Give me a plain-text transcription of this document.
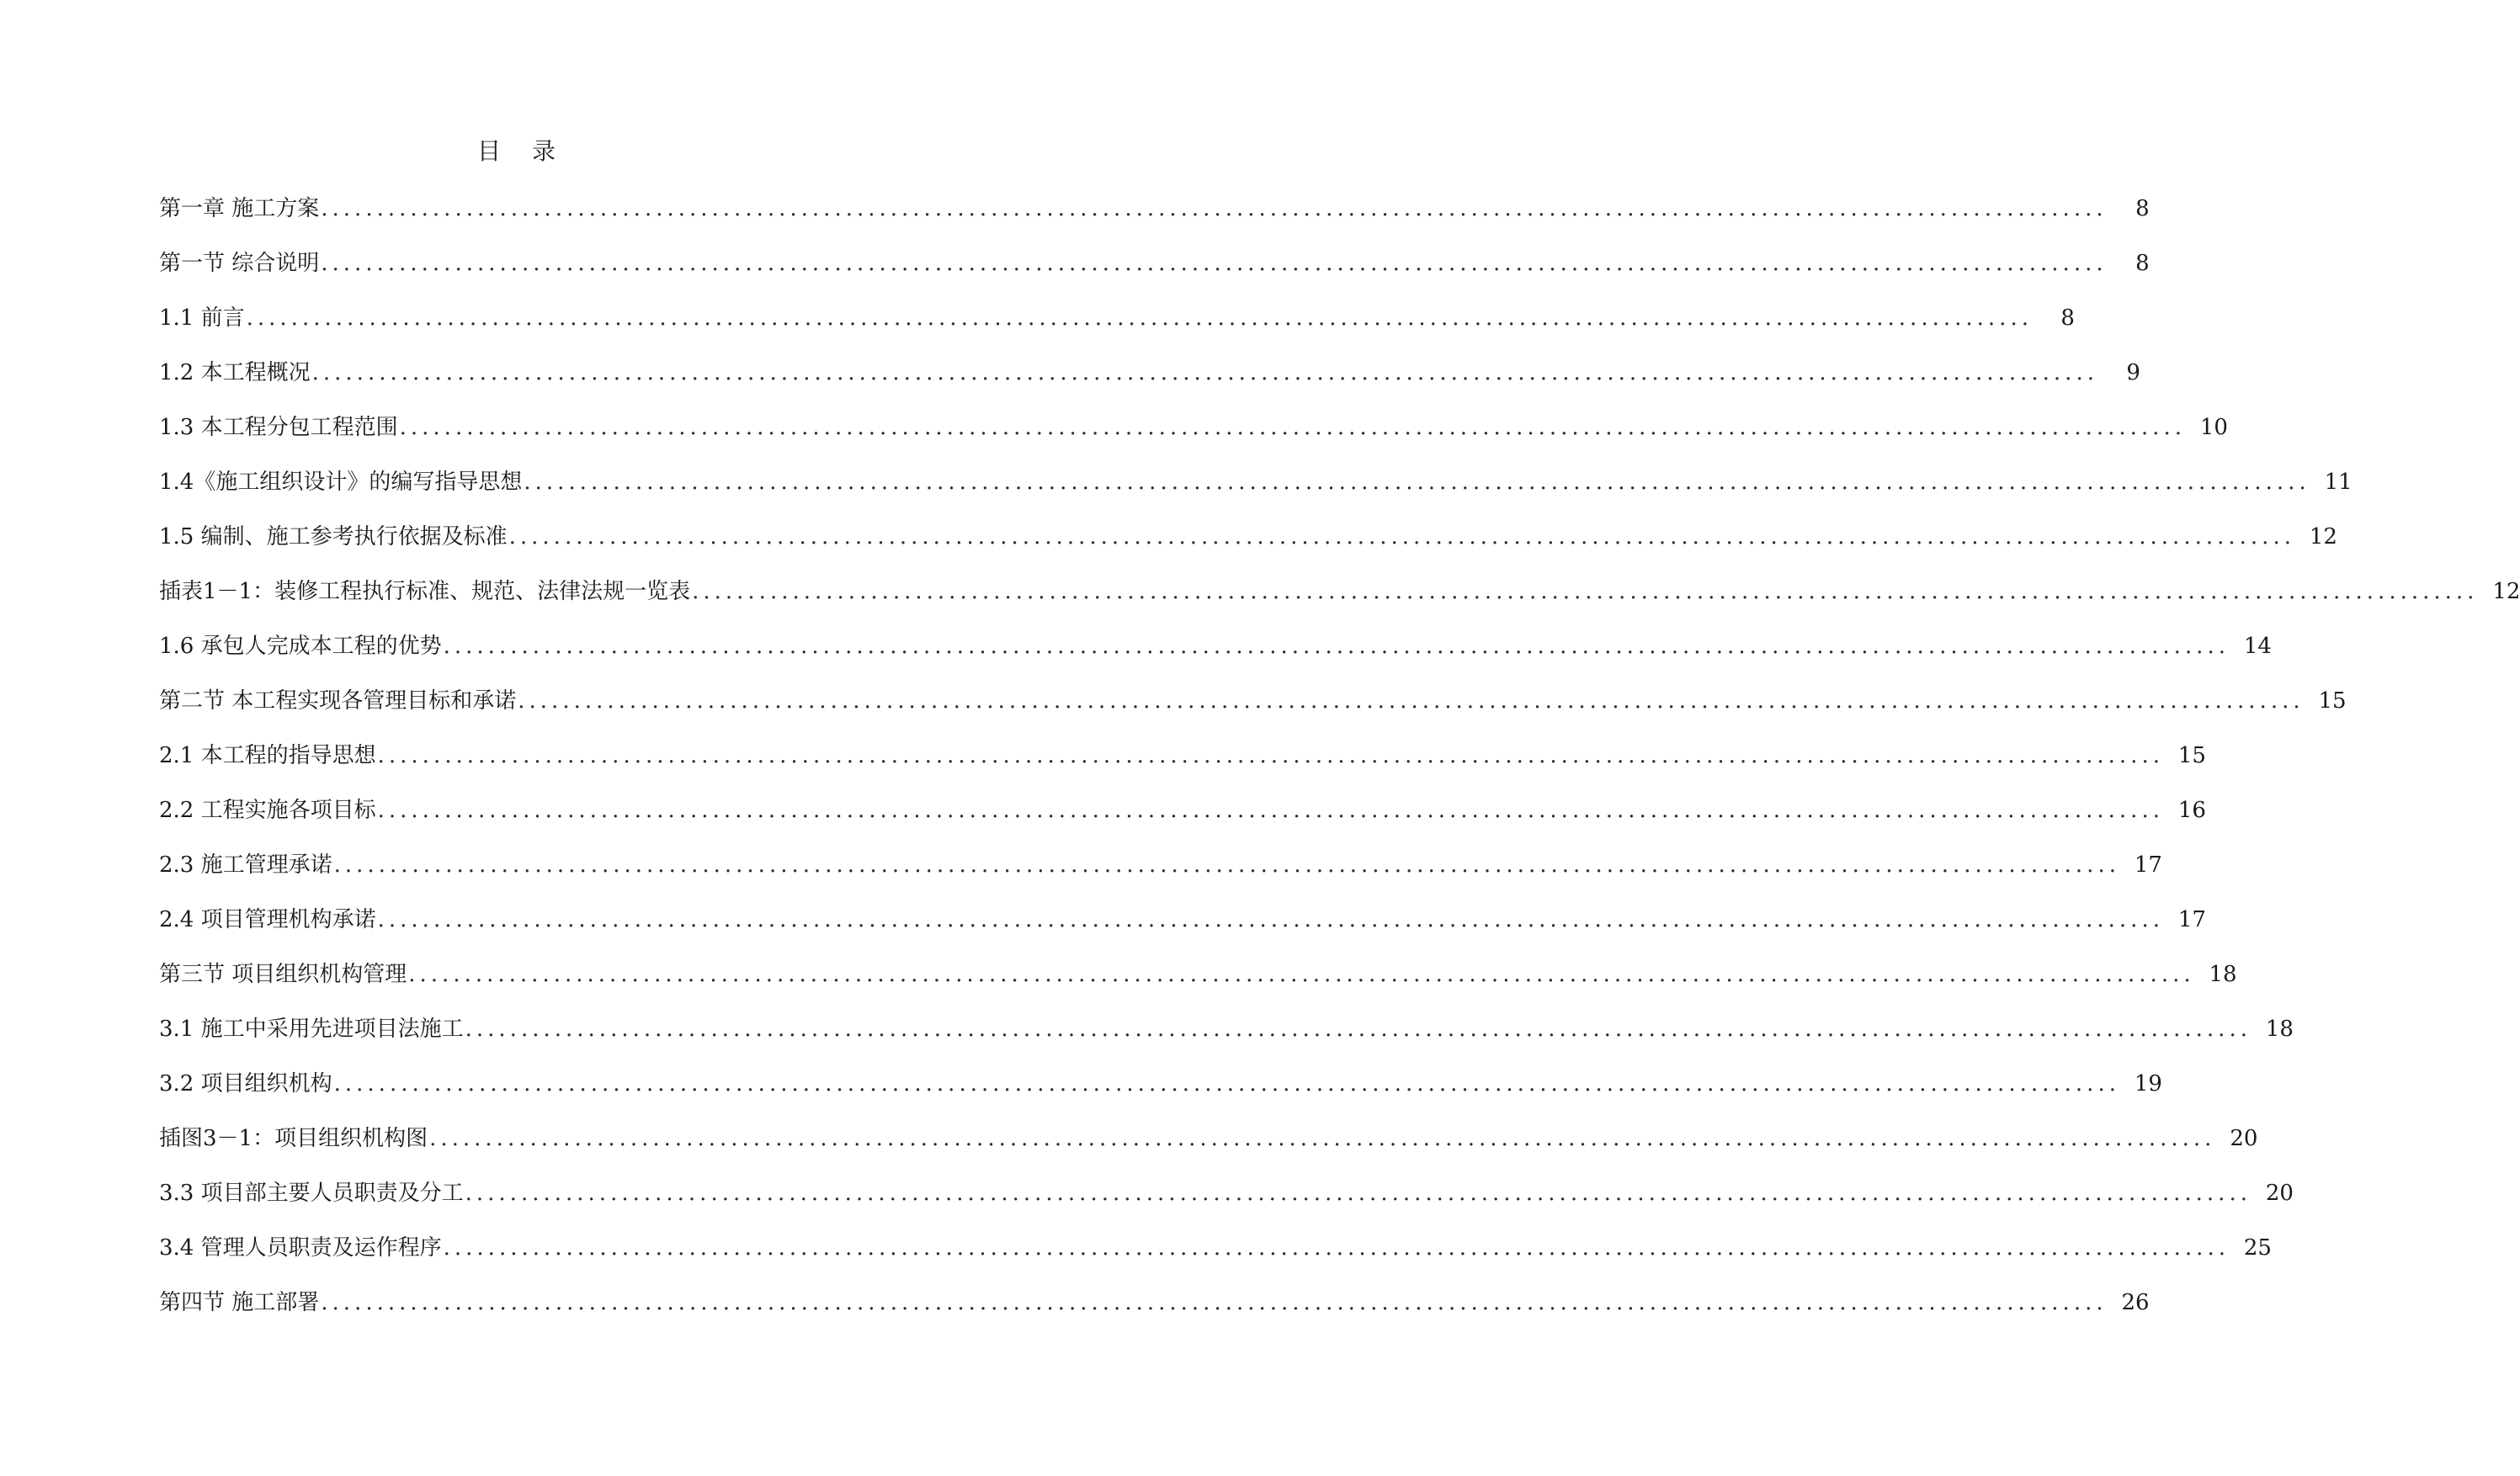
目 录
第一章 施工方案 ................................................................................................................................................................	8
第一节 综合说明 ................................................................................................................................................................	8
1.1 前言 ................................................................................................................................................................	8
1.2 本工程概况 ................................................................................................................................................................	9
1.3 本工程分包工程范围 ................................................................................................................................................................ 10
1.4《施工组织设计》的编写指导思想 ................................................................................................................................................................ 11
1.5 编制、施工参考执行依据及标准 ................................................................................................................................................................ 12
插表1－1：装修工程执行标准、规范、法律法规一览表 ................................................................................................................................................................ 12
1.6 承包人完成本工程的优势 ................................................................................................................................................................ 14
第二节 本工程实现各管理目标和承诺 ................................................................................................................................................................ 15
2.1 本工程的指导思想 ................................................................................................................................................................ 15
2.2 工程实施各项目标 ................................................................................................................................................................ 16
2.3 施工管理承诺 ................................................................................................................................................................ 17
2.4 项目管理机构承诺 ................................................................................................................................................................ 17
第三节 项目组织机构管理 ................................................................................................................................................................ 18
3.1 施工中采用先进项目法施工 ................................................................................................................................................................ 18
3.2 项目组织机构 ................................................................................................................................................................ 19
插图3－1：项目组织机构图 ................................................................................................................................................................ 20
3.3 项目部主要人员职责及分工 ................................................................................................................................................................ 20
3.4 管理人员职责及运作程序 ................................................................................................................................................................ 25
第四节 施工部署 ................................................................................................................................................................ 26
